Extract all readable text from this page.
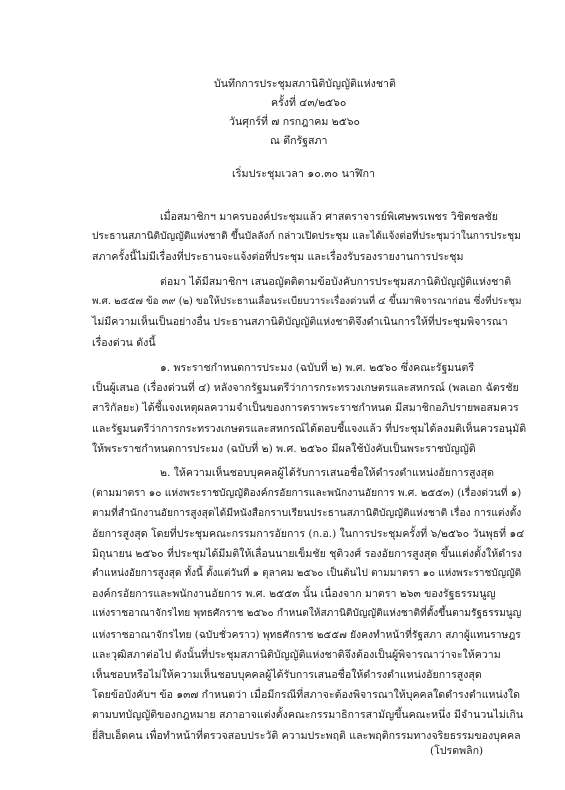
บันทึกการประชุมสภานิติบัญญัติแห่งชาติ
ครั้งที่ ๔๓/๒๕๖๐
วันศุกร์ที่ ๗ กรกฎาคม ๒๕๖๐
ณ ตึกรัฐสภา
เริ่มประชุมเวลา ๑๐.๓๐ นาฬิกา
เมื่อสมาชิกฯ มาครบองค์ประชุมแล้ว ศาสตราจารย์พิเศษพรเพชร วิชิตชลชัย
ประธานสภานิติบัญญัติแห่งชาติ ขึ้นบัลลังก์ กล่าวเปิดประชุม และได้แจ้งต่อที่ประชุมว่าในการประชุม
สภาครั้งนี้ไม่มีเรื่องที่ประธานจะแจ้งต่อที่ประชุม และเรื่องรับรองรายงานการประชุม
ต่อมา ได้มีสมาชิกฯ เสนอญัตติตามข้อบังคับการประชุมสภานิติบัญญัติแห่งชาติ
พ.ศ. ๒๕๕๗ ข้อ ๓๙ (๒) ขอให้ประธานเลื่อนระเบียบวาระเรื่องด่วนที่ ๔ ขึ้นมาพิจารณาก่อน ซึ่งที่ประชุม
ไม่มีความเห็นเป็นอย่างอื่น ประธานสภานิติบัญญัติแห่งชาติจึงดำเนินการให้ที่ประชุมพิจารณา
เรื่องด่วน ดังนี้
๑. พระราชกำหนดการประมง (ฉบับที่ ๒) พ.ศ. ๒๕๖๐ ซึ่งคณะรัฐมนตรี
เป็นผู้เสนอ (เรื่องด่วนที่ ๔) หลังจากรัฐมนตรีว่าการกระทรวงเกษตรและสหกรณ์ (พลเอก ฉัตรชัย
สาริกัลยะ) ได้ชี้แจงเหตุผลความจำเป็นของการตราพระราชกำหนด มีสมาชิกอภิปรายพอสมควร
และรัฐมนตรีว่าการกระทรวงเกษตรและสหกรณ์ได้ตอบชี้แจงแล้ว ที่ประชุมได้ลงมติเห็นควรอนุมัติ
ให้พระราชกำหนดการประมง (ฉบับที่ ๒) พ.ศ. ๒๕๖๐ มีผลใช้บังคับเป็นพระราชบัญญัติ
๒. ให้ความเห็นชอบบุคคลผู้ได้รับการเสนอชื่อให้ดำรงตำแหน่งอัยการสูงสุด
(ตามมาตรา ๑๐ แห่งพระราชบัญญัติองค์กรอัยการและพนักงานอัยการ พ.ศ. ๒๕๕๓) (เรื่องด่วนที่ ๑)
ตามที่สำนักงานอัยการสูงสุดได้มีหนังสือกราบเรียนประธานสภานิติบัญญัติแห่งชาติ เรื่อง การแต่งตั้ง
อัยการสูงสุด โดยที่ประชุมคณะกรรมการอัยการ (ก.อ.) ในการประชุมครั้งที่ ๖/๒๕๖๐ วันพุธที่ ๑๔
มิถุนายน ๒๕๖๐ ที่ประชุมได้มีมติให้เลื่อนนายเข็มชัย ชุติวงศ์ รองอัยการสูงสุด ขึ้นแต่งตั้งให้ดำรง
ตำแหน่งอัยการสูงสุด ทั้งนี้ ตั้งแต่วันที่ ๑ ตุลาคม ๒๕๖๐ เป็นต้นไป ตามมาตรา ๑๐ แห่งพระราชบัญญัติ
องค์กรอัยการและพนักงานอัยการ พ.ศ. ๒๕๕๓ นั้น เนื่องจาก มาตรา ๒๖๓ ของรัฐธรรมนูญ
แห่งราชอาณาจักรไทย พุทธศักราช ๒๕๖๐ กำหนดให้สภานิติบัญญัติแห่งชาติที่ตั้งขึ้นตามรัฐธรรมนูญ
แห่งราชอาณาจักรไทย (ฉบับชั่วคราว) พุทธศักราช ๒๕๕๗ ยังคงทำหน้าที่รัฐสภา สภาผู้แทนราษฎร
และวุฒิสภาต่อไป ดังนั้นที่ประชุมสภานิติบัญญัติแห่งชาติจึงต้องเป็นผู้พิจารณาว่าจะให้ความ
เห็นชอบหรือไม่ให้ความเห็นชอบบุคคลผู้ได้รับการเสนอชื่อให้ดำรงตำแหน่งอัยการสูงสุด
โดยข้อบังคับฯ ข้อ ๑๓๗ กำหนดว่า เมื่อมีกรณีที่สภาจะต้องพิจารณาให้บุคคลใดดำรงตำแหน่งใด
ตามบทบัญญัติของกฎหมาย สภาอาจแต่งตั้งคณะกรรมาธิการสามัญขึ้นคณะหนึ่ง มีจำนวนไม่เกิน
ยี่สิบเอ็ดคน เพื่อทำหน้าที่ตรวจสอบประวัติ ความประพฤติ และพฤติกรรมทางจริยธรรมของบุคคล
(โปรดพลิก)
